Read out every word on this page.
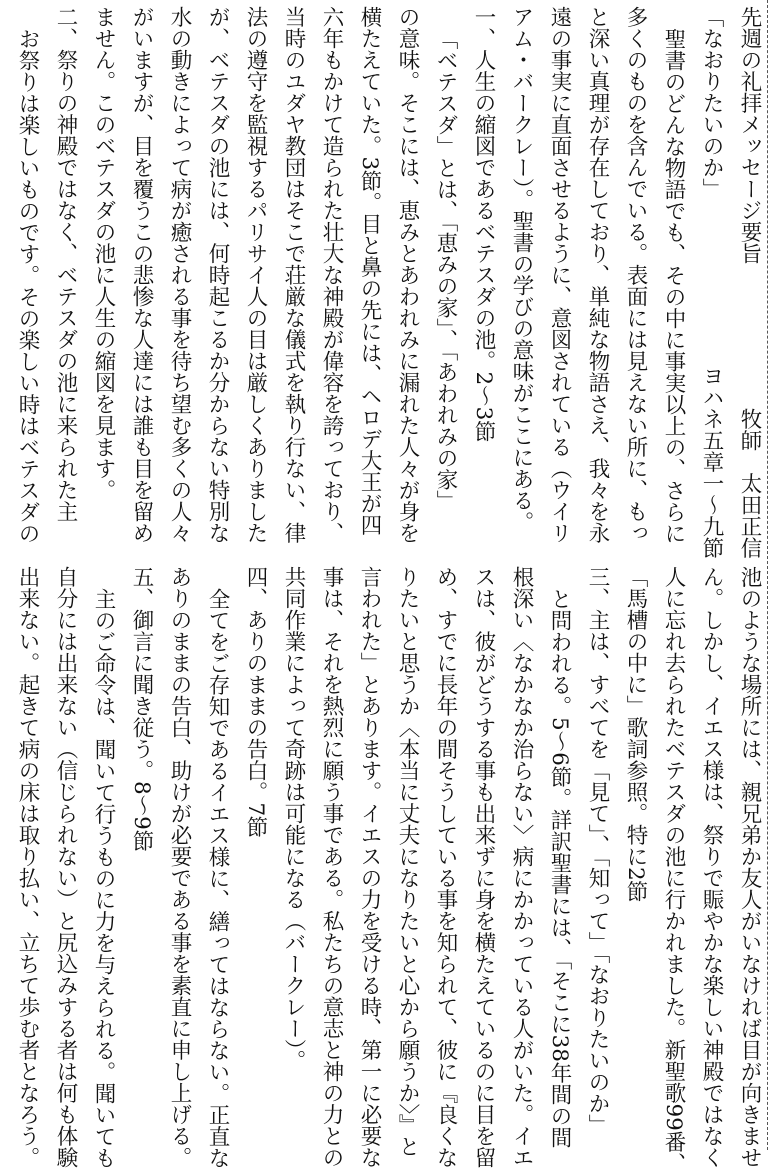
先週の礼拝メッセージ要旨
牧師　太田正信
「なおりたいのか」
ヨハネ五章一～九節
聖書のどんな物語でも、その中に事実以上の、さらに
多くのものを含んでいる。表面には見えない所に、もっ
と深い真理が存在しており、単純な物語さえ、我々を永
遠の事実に直面させるように、意図されている（ウイリ
アム・バークレー）。聖書の学びの意味がここにある。
一、人生の縮図であるベテスダの池。2～3節
「ベテスダ」とは、「恵みの家」、「あわれみの家」
の意味。そこには、恵みとあわれみに漏れた人々が身を
横たえていた。3節。目と鼻の先には、ヘロデ大王が四
六年もかけて造られた壮大な神殿が偉容を誇っており、
当時のユダヤ教団はそこで荘厳な儀式を執り行ない、律
法の遵守を監視するパリサイ人の目は厳しくありました
が、ベテスダの池には、何時起こるか分からない特別な
水の動きによって病が癒される事を待ち望む多くの人々
がいますが、目を覆うこの悲惨な人達には誰も目を留め
ません。このベテスダの池に人生の縮図を見ます。
二、祭りの神殿ではなく、ベテスダの池に来られた主
お祭りは楽しいものです。その楽しい時はベテスダの
池のような場所には、親兄弟か友人がいなければ目が向きませ
ん。しかし、イエス様は、祭りで賑やかな楽しい神殿ではなく
人に忘れ去られたベテスダの池に行かれました。新聖歌99番、
「馬槽の中に」歌詞参照。特に2節
三、主は、すべてを「見て」、「知って」「なおりたいのか」
と問われる。5～6節。詳訳聖書には、「そこに38年間の間
根深い〈なかなか治らない〉病にかかっている人がいた。イエ
スは、彼がどうする事も出来ずに身を横たえているのに目を留
め、すでに長年の間そうしている事を知られて、彼に『良くな
りたいと思うか〈本当に丈夫になりたいと心から願うか〉』と
言われた」とあります。イエスの力を受ける時、第一に必要な
事は、それを熱烈に願う事である。私たちの意志と神の力との
共同作業によって奇跡は可能になる（バークレー）。
四、ありのままの告白。7節
全てをご存知であるイエス様に、繕ってはならない。正直な
ありのままの告白、助けが必要である事を素直に申し上げる。
五、御言に聞き従う。8～9節
主のご命令は、聞いて行うものに力を与えられる。聞いても
自分には出来ない（信じられない）と尻込みする者は何も体験
出来ない。起きて病の床は取り払い、立ちて歩む者となろう。
